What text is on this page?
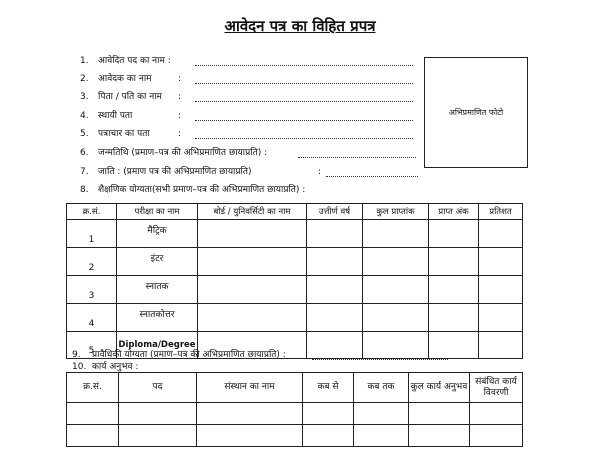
आवेदन पत्र का विहित प्रपत्र
1.	आवेदित पद का नाम :
2.	आवेदक का नाम	:
3.	पिता / पति का नाम :
4.	स्थायी पता	:
5.	पत्राचार का पता	:
अभिप्रमाणित फोटो
6.	जन्मतिथि (प्रमाण–पत्र की अभिप्रमाणित छायाप्रति) :
7.	जाति : (प्रमाण पत्र की अभिप्रमाणित छायाप्रति)	:
8.	शैक्षणिक योग्यता(सभी प्रमाण–पत्र की अभिप्रमाणित छायाप्रति) :
क्र.सं.	परीक्षा का नाम	बोर्ड / युनिवर्सिटी का नाम	उत्तीर्ण वर्ष	कुल प्राप्तांक	प्राप्त अंक	प्रतिशत
1	मैट्रिक					
2	इंटर					
3	स्नातक					
4	स्नातकोत्तर					
5	Diploma/Degree					
9.	प्रावैधिकी योग्यता (प्रमाण–पत्र की अभिप्रमाणित छायाप्रति) :
10. कार्य अनुभव :
क्र.सं.	पद	संस्थान का नाम	कब से	कब तक	कुल कार्य अनुभव	संबंधित कार्य विवरणी
